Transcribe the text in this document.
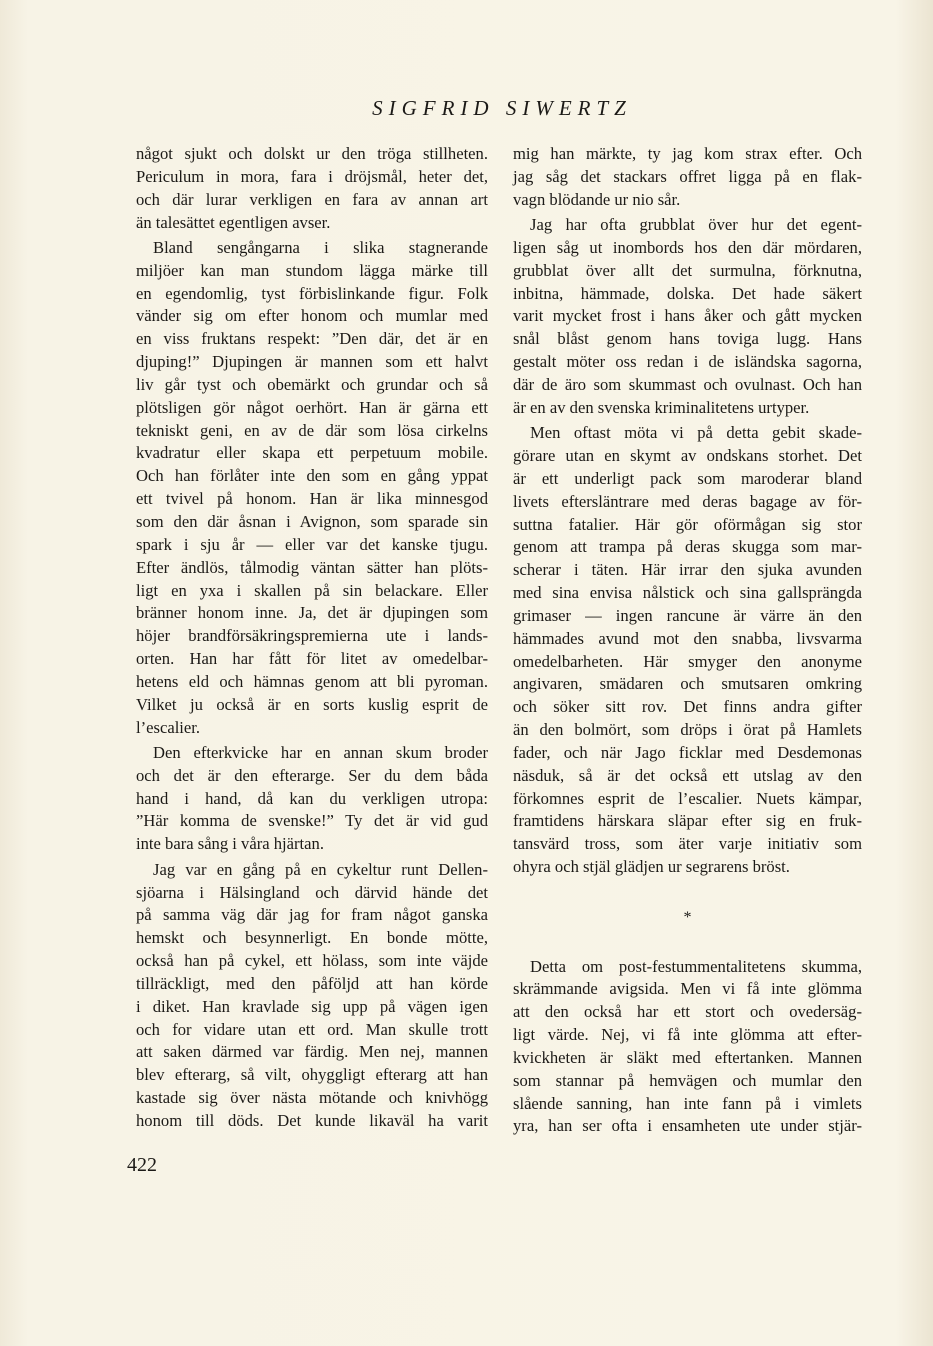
SIGFRID SIWERTZ
något sjukt och dolskt ur den tröga stillheten.
Periculum in mora, fara i dröjsmål, heter det,
och där lurar verkligen en fara av annan art
än talesättet egentligen avser.
Bland sengångarna i slika stagnerande
miljöer kan man stundom lägga märke till
en egendomlig, tyst förbislinkande figur. Folk
vänder sig om efter honom och mumlar med
en viss fruktans respekt: ”Den där, det är en
djuping!” Djupingen är mannen som ett halvt
liv går tyst och obemärkt och grundar och så
plötsligen gör något oerhört. Han är gärna ett
tekniskt geni, en av de där som lösa cirkelns
kvadratur eller skapa ett perpetuum mobile.
Och han förlåter inte den som en gång yppat
ett tvivel på honom. Han är lika minnesgod
som den där åsnan i Avignon, som sparade sin
spark i sju år — eller var det kanske tjugu.
Efter ändlös, tålmodig väntan sätter han plöts-
ligt en yxa i skallen på sin belackare. Eller
bränner honom inne. Ja, det är djupingen som
höjer brandförsäkringspremierna ute i lands-
orten. Han har fått för litet av omedelbar-
hetens eld och hämnas genom att bli pyroman.
Vilket ju också är en sorts kuslig esprit de
l’escalier.
Den efterkvicke har en annan skum broder
och det är den efterarge. Ser du dem båda
hand i hand, då kan du verkligen utropa:
”Här komma de svenske!” Ty det är vid gud
inte bara sång i våra hjärtan.
Jag var en gång på en cykeltur runt Dellen-
sjöarna i Hälsingland och därvid hände det
på samma väg där jag for fram något ganska
hemskt och besynnerligt. En bonde mötte,
också han på cykel, ett hölass, som inte väjde
tillräckligt, med den påföljd att han körde
i diket. Han kravlade sig upp på vägen igen
och for vidare utan ett ord. Man skulle trott
att saken därmed var färdig. Men nej, mannen
blev efterarg, så vilt, ohyggligt efterarg att han
kastade sig över nästa mötande och knivhögg
honom till döds. Det kunde likaväl ha varit
mig han märkte, ty jag kom strax efter. Och
jag såg det stackars offret ligga på en flak-
vagn blödande ur nio sår.
Jag har ofta grubblat över hur det egent-
ligen såg ut inombords hos den där mördaren,
grubblat över allt det surmulna, förknutna,
inbitna, hämmade, dolska. Det hade säkert
varit mycket frost i hans åker och gått mycken
snål blåst genom hans toviga lugg. Hans
gestalt möter oss redan i de isländska sagorna,
där de äro som skummast och ovulnast. Och han
är en av den svenska kriminalitetens urtyper.
Men oftast möta vi på detta gebit skade-
görare utan en skymt av ondskans storhet. Det
är ett underligt pack som maroderar bland
livets eftersläntrare med deras bagage av för-
suttna fatalier. Här gör oförmågan sig stor
genom att trampa på deras skugga som mar-
scherar i täten. Här irrar den sjuka avunden
med sina envisa nålstick och sina gallsprängda
grimaser — ingen rancune är värre än den
hämmades avund mot den snabba, livsvarma
omedelbarheten. Här smyger den anonyme
angivaren, smädaren och smutsaren omkring
och söker sitt rov. Det finns andra gifter
än den bolmört, som dröps i örat på Hamlets
fader, och när Jago ficklar med Desdemonas
näsduk, så är det också ett utslag av den
förkomnes esprit de l’escalier. Nuets kämpar,
framtidens härskara släpar efter sig en fruk-
tansvärd tross, som äter varje initiativ som
ohyra och stjäl glädjen ur segrarens bröst.
*
Detta om post-festummentalitetens skumma,
skrämmande avigsida. Men vi få inte glömma
att den också har ett stort och ovedersäg-
ligt värde. Nej, vi få inte glömma att efter-
kvickheten är släkt med eftertanken. Mannen
som stannar på hemvägen och mumlar den
slående sanning, han inte fann på i vimlets
yra, han ser ofta i ensamheten ute under stjär-
422
